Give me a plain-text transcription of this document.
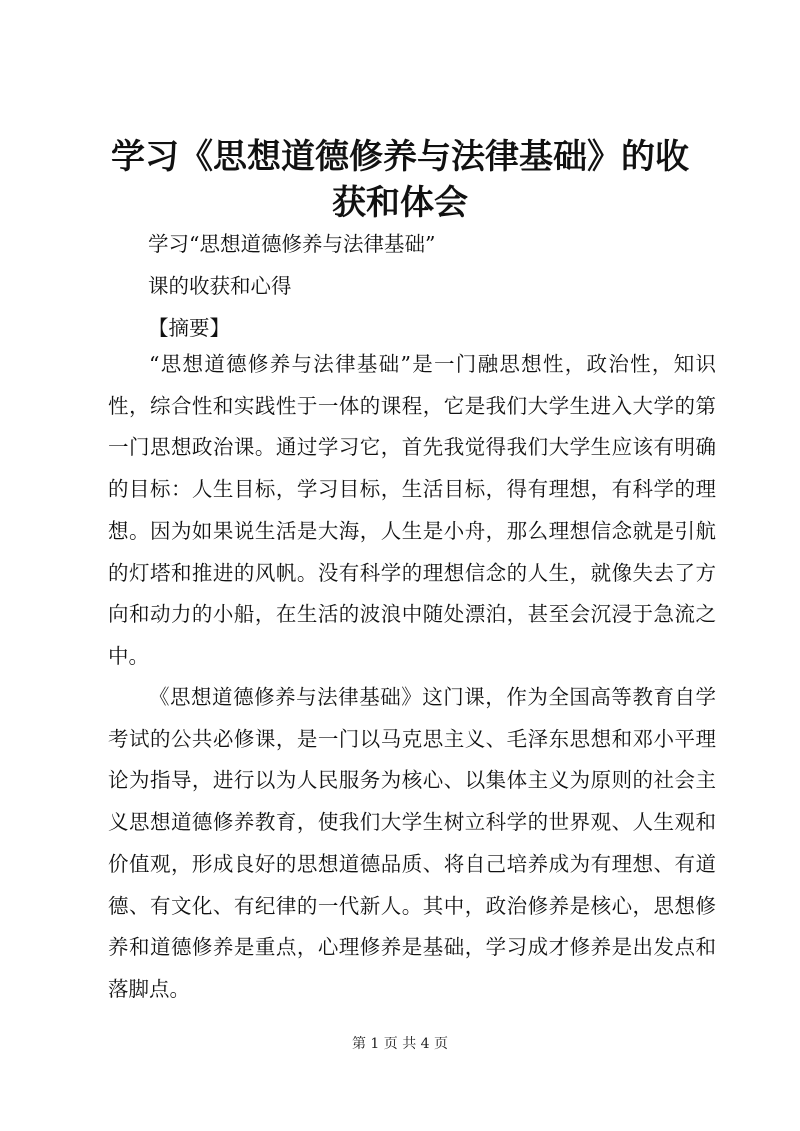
学习《思想道德修养与法律基础》的收获和体会
学习“思想道德修养与法律基础”
课的收获和心得
【摘要】

“思想道德修养与法律基础”是一门融思想性，政治性，知识性，综合性和实践性于一体的课程，它是我们大学生进入大学的第一门思想政治课。通过学习它，首先我觉得我们大学生应该有明确的目标：人生目标，学习目标，生活目标，得有理想，有科学的理想。因为如果说生活是大海，人生是小舟，那么理想信念就是引航的灯塔和推进的风帆。没有科学的理想信念的人生，就像失去了方向和动力的小船，在生活的波浪中随处漂泊，甚至会沉浸于急流之中。

《思想道德修养与法律基础》这门课，作为全国高等教育自学考试的公共必修课，是一门以马克思主义、毛泽东思想和邓小平理论为指导，进行以为人民服务为核心、以集体主义为原则的社会主义思想道德修养教育，使我们大学生树立科学的世界观、人生观和价值观，形成良好的思想道德品质、将自己培养成为有理想、有道德、有文化、有纪律的一代新人。其中，政治修养是核心，思想修养和道德修养是重点，心理修养是基础，学习成才修养是出发点和落脚点。

第 1 页 共 4 页
